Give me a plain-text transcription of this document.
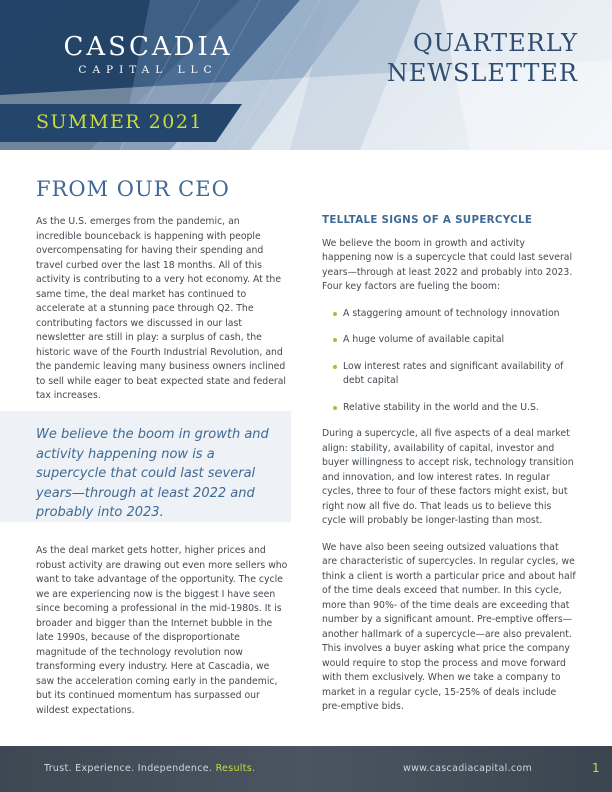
CASCADIA
CAPITAL LLC
QUARTERLY
NEWSLETTER
SUMMER 2021
FROM OUR CEO

As the U.S. emerges from the pandemic, an incredible bounceback is happening with people overcompensating for having their spending and travel curbed over the last 18 months. All of this activity is contributing to a very hot economy. At the same time, the deal market has continued to accelerate at a stunning pace through Q2. The contributing factors we discussed in our last newsletter are still in play: a surplus of cash, the historic wave of the Fourth Industrial Revolution, and the pandemic leaving many business owners inclined to sell while eager to beat expected state and federal tax increases.

We believe the boom in growth and activity happening now is a supercycle that could last several years—through at least 2022 and probably into 2023.

As the deal market gets hotter, higher prices and robust activity are drawing out even more sellers who want to take advantage of the opportunity. The cycle we are experiencing now is the biggest I have seen since becoming a professional in the mid-1980s. It is broader and bigger than the Internet bubble in the late 1990s, because of the disproportionate magnitude of the technology revolution now transforming every industry. Here at Cascadia, we saw the acceleration coming early in the pandemic, but its continued momentum has surpassed our wildest expectations.

TELLTALE SIGNS OF A SUPERCYCLE

We believe the boom in growth and activity happening now is a supercycle that could last several years—through at least 2022 and probably into 2023. Four key factors are fueling the boom:

A staggering amount of technology innovation
A huge volume of available capital
Low interest rates and significant availability of debt capital
Relative stability in the world and the U.S.

During a supercycle, all five aspects of a deal market align: stability, availability of capital, investor and buyer willingness to accept risk, technology transition and innovation, and low interest rates. In regular cycles, three to four of these factors might exist, but right now all five do. That leads us to believe this cycle will probably be longer-lasting than most.

We have also been seeing outsized valuations that are characteristic of supercycles. In regular cycles, we think a client is worth a particular price and about half of the time deals exceed that number. In this cycle, more than 90%- of the time deals are exceeding that number by a significant amount. Pre-emptive offers—another hallmark of a supercycle—are also prevalent. This involves a buyer asking what price the company would require to stop the process and move forward with them exclusively. When we take a company to market in a regular cycle, 15-25% of deals include pre-emptive bids.

Trust. Experience. Independence. Results.	www.cascadiacapital.com	1
